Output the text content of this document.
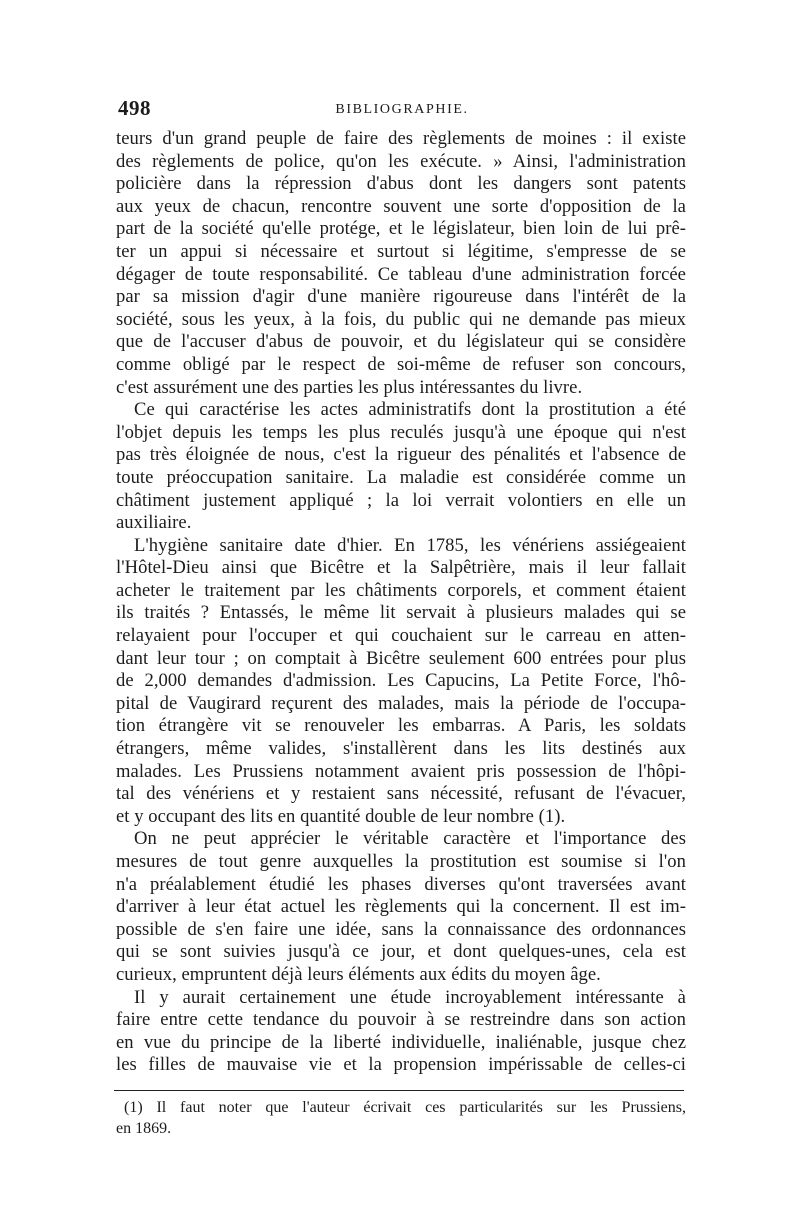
498	BIBLIOGRAPHIE.
teurs d'un grand peuple de faire des règlements de moines : il existe
des règlements de police, qu'on les exécute. » Ainsi, l'administration
policière dans la répression d'abus dont les dangers sont patents
aux yeux de chacun, rencontre souvent une sorte d'opposition de la
part de la société qu'elle protége, et le législateur, bien loin de lui prê-
ter un appui si nécessaire et surtout si légitime, s'empresse de se
dégager de toute responsabilité. Ce tableau d'une administration forcée
par sa mission d'agir d'une manière rigoureuse dans l'intérêt de la
société, sous les yeux, à la fois, du public qui ne demande pas mieux
que de l'accuser d'abus de pouvoir, et du législateur qui se considère
comme obligé par le respect de soi-même de refuser son concours,
c'est assurément une des parties les plus intéressantes du livre.
Ce qui caractérise les actes administratifs dont la prostitution a été
l'objet depuis les temps les plus reculés jusqu'à une époque qui n'est
pas très éloignée de nous, c'est la rigueur des pénalités et l'absence de
toute préoccupation sanitaire. La maladie est considérée comme un
châtiment justement appliqué ; la loi verrait volontiers en elle un
auxiliaire.
L'hygiène sanitaire date d'hier. En 1785, les vénériens assiégeaient
l'Hôtel-Dieu ainsi que Bicêtre et la Salpêtrière, mais il leur fallait
acheter le traitement par les châtiments corporels, et comment étaient
ils traités ? Entassés, le même lit servait à plusieurs malades qui se
relayaient pour l'occuper et qui couchaient sur le carreau en atten-
dant leur tour ; on comptait à Bicêtre seulement 600 entrées pour plus
de 2,000 demandes d'admission. Les Capucins, La Petite Force, l'hô-
pital de Vaugirard reçurent des malades, mais la période de l'occupa-
tion étrangère vit se renouveler les embarras. A Paris, les soldats
étrangers, même valides, s'installèrent dans les lits destinés aux
malades. Les Prussiens notamment avaient pris possession de l'hôpi-
tal des vénériens et y restaient sans nécessité, refusant de l'évacuer,
et y occupant des lits en quantité double de leur nombre (1).
On ne peut apprécier le véritable caractère et l'importance des
mesures de tout genre auxquelles la prostitution est soumise si l'on
n'a préalablement étudié les phases diverses qu'ont traversées avant
d'arriver à leur état actuel les règlements qui la concernent. Il est im-
possible de s'en faire une idée, sans la connaissance des ordonnances
qui se sont suivies jusqu'à ce jour, et dont quelques-unes, cela est
curieux, empruntent déjà leurs éléments aux édits du moyen âge.
Il y aurait certainement une étude incroyablement intéressante à
faire entre cette tendance du pouvoir à se restreindre dans son action
en vue du principe de la liberté individuelle, inaliénable, jusque chez
les filles de mauvaise vie et la propension impérissable de celles-ci
(1) Il faut noter que l'auteur écrivait ces particularités sur les Prussiens,
en 1869.
